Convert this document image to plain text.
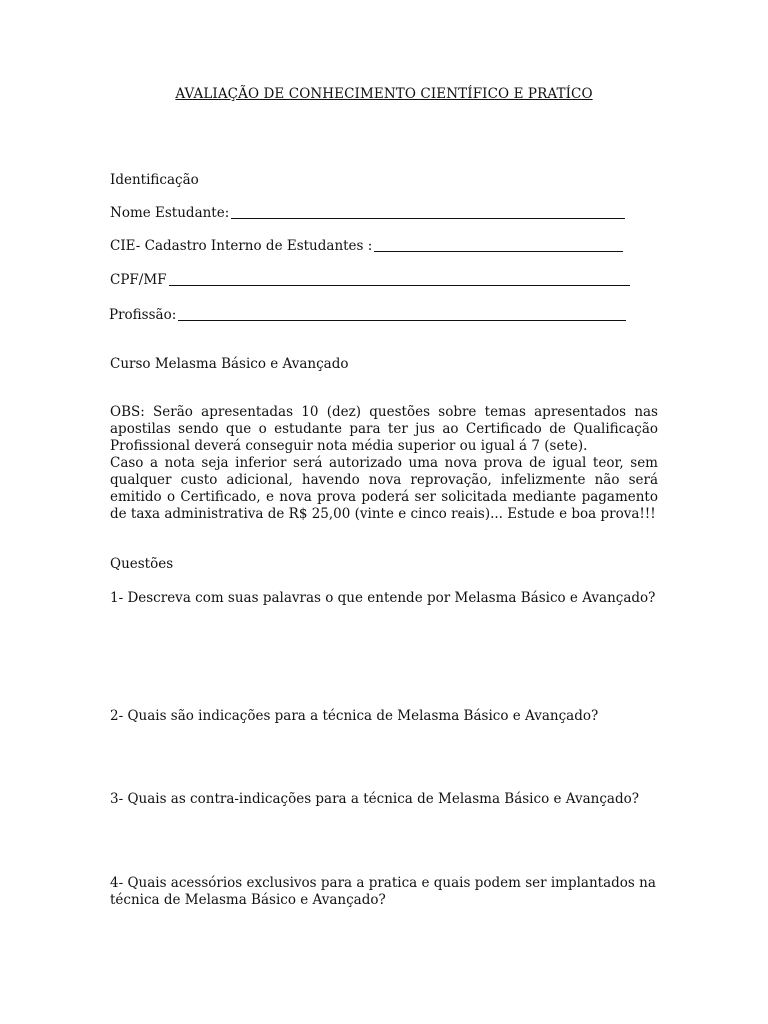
AVALIAÇÃO DE CONHECIMENTO CIENTÍFICO E PRATÍCO
Identificação
Nome Estudante:
CIE- Cadastro Interno de Estudantes :
CPF/MF
Profissão:
Curso Melasma Básico e Avançado

OBS: Serão apresentadas 10 (dez) questões sobre temas apresentados nas apostilas sendo que o estudante para ter jus ao Certificado de Qualificação Profissional deverá conseguir nota média superior ou igual á 7 (sete).

Caso a nota seja inferior será autorizado uma nova prova de igual teor, sem qualquer custo adicional, havendo nova reprovação, infelizmente não será emitido o Certificado, e nova prova poderá ser solicitada mediante pagamento de taxa administrativa de R$ 25,00 (vinte e cinco reais)... Estude e boa prova!!!

Questões
1- Descreva com suas palavras o que entende por Melasma Básico e Avançado?
2- Quais são indicações para a técnica de Melasma Básico e Avançado?
3- Quais as contra-indicações para a técnica de Melasma Básico e Avançado?
4- Quais acessórios exclusivos para a pratica e quais podem ser implantados na técnica de Melasma Básico e Avançado?
